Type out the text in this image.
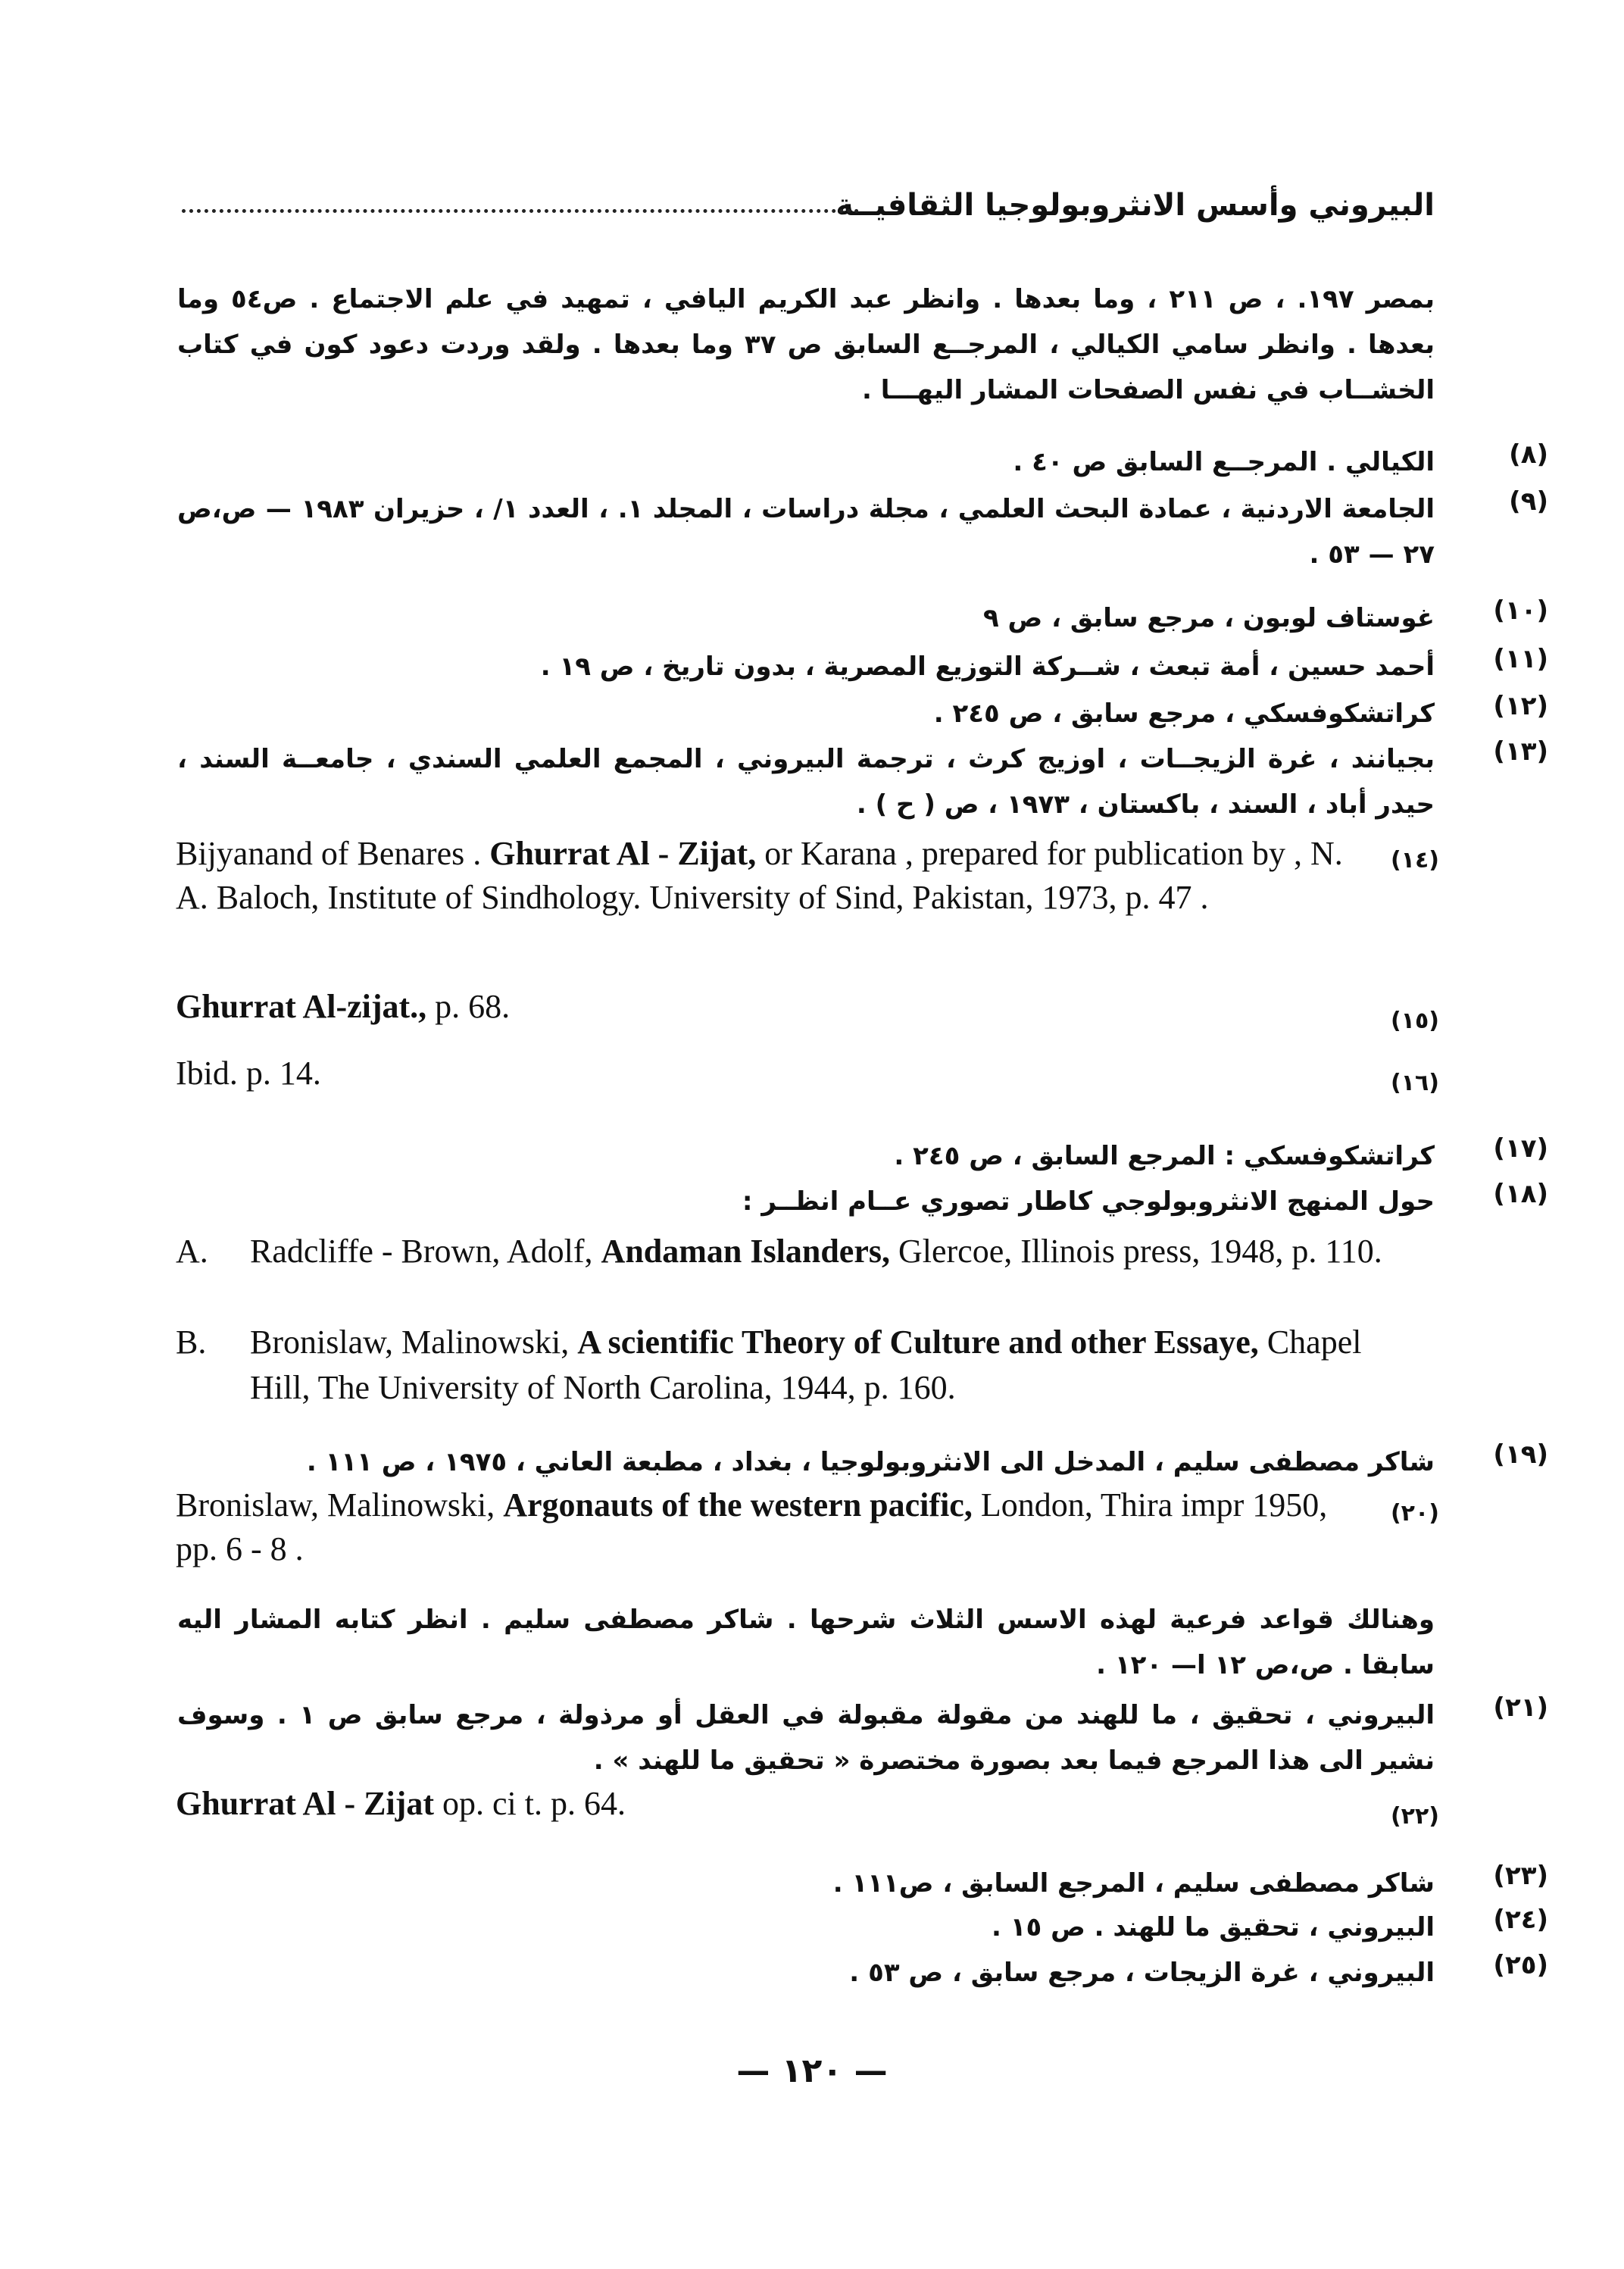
البيروني وأسس الانثروبولوجيا الثقافيــة
بمصر ١٩٧. ، ص ٢١١ ، وما بعدها . وانظر عبد الكريم اليافي ، تمهيد في علم الاجتماع . ص٥٤ وما بعدها . وانظر سامي الكيالي ، المرجــع السابق ص ٣٧ وما بعدها . ولقد وردت دعود كون في كتاب الخشــاب في نفس الصفحات المشار اليهـــا .
(٨)
الكيالي . المرجــع السابق ص ٤٠ .
(٩)
الجامعة الاردنية ، عمادة البحث العلمي ، مجلة دراسات ، المجلد ١. ، العدد ١/ ، حزيران ١٩٨٣ — ص،ص ٢٧ — ٥٣ .
(١٠)
غوستاف لوبون ، مرجع سابق ، ص ٩
(١١)
أحمد حسين ، أمة تبعث ، شــركة التوزيع المصرية ، بدون تاريخ ، ص ١٩ .
(١٢)
كراتشكوفسكي ، مرجع سابق ، ص ٢٤٥ .
(١٣)
بجيانند ، غرة الزيجــات ، اوزيج كرث ، ترجمة البيروني ، المجمع العلمي السندي ، جامعــة السند ، حيدر أباد ، السند ، باكستان ، ١٩٧٣ ، ص ( ح ) .
(١٤)
Bijyanand of Benares . Ghurrat Al - Zijat, or Karana , prepared for publication by , N. A. Baloch, Institute of Sindhology. University of Sind, Pakistan, 1973, p. 47 .
(١٥)
Ghurrat Al-zijat., p. 68.
(١٦)
Ibid. p. 14.
(١٧)
كراتشكوفسكي : المرجع السابق ، ص ٢٤٥ .
(١٨)
حول المنهج الانثروبولوجي كاطار تصوري عــام انظــر :
A. Radcliffe - Brown, Adolf, Andaman Islanders, Glercoe, Illinois press, 1948, p. 110.
B. Bronislaw, Malinowski, A scientific Theory of Culture and other Essaye, Chapel Hill, The University of North Carolina, 1944, p. 160.
(١٩)
شاكر مصطفى سليم ، المدخل الى الانثروبولوجيا ، بغداد ، مطبعة العاني ، ١٩٧٥ ، ص ١١١ .
(٢٠)
Bronislaw, Malinowski, Argonauts of the western pacific, London, Thira impr 1950, pp. 6 - 8 .
وهنالك قواعد فرعية لهذه الاسس الثلاث شرحها . شاكر مصطفى سليم . انظر كتابه المشار اليه سابقا . ص،ص ١٢ ا— ١٢٠ .
(٢١)
البيروني ، تحقيق ، ما للهند من مقولة مقبولة في العقل أو مرذولة ، مرجع سابق ص ١ . وسوف نشير الى هذا المرجع فيما بعد بصورة مختصرة « تحقيق ما للهند » .
(٢٢)
Ghurrat Al - Zijat op. ci t. p. 64.
(٢٣)
شاكر مصطفى سليم ، المرجع السابق ، ص١١١ .
(٢٤)
البيروني ، تحقيق ما للهند . ص ١٥ .
(٢٥)
البيروني ، غرة الزيجات ، مرجع سابق ، ص ٥٣ .
— ١٢٠ —
